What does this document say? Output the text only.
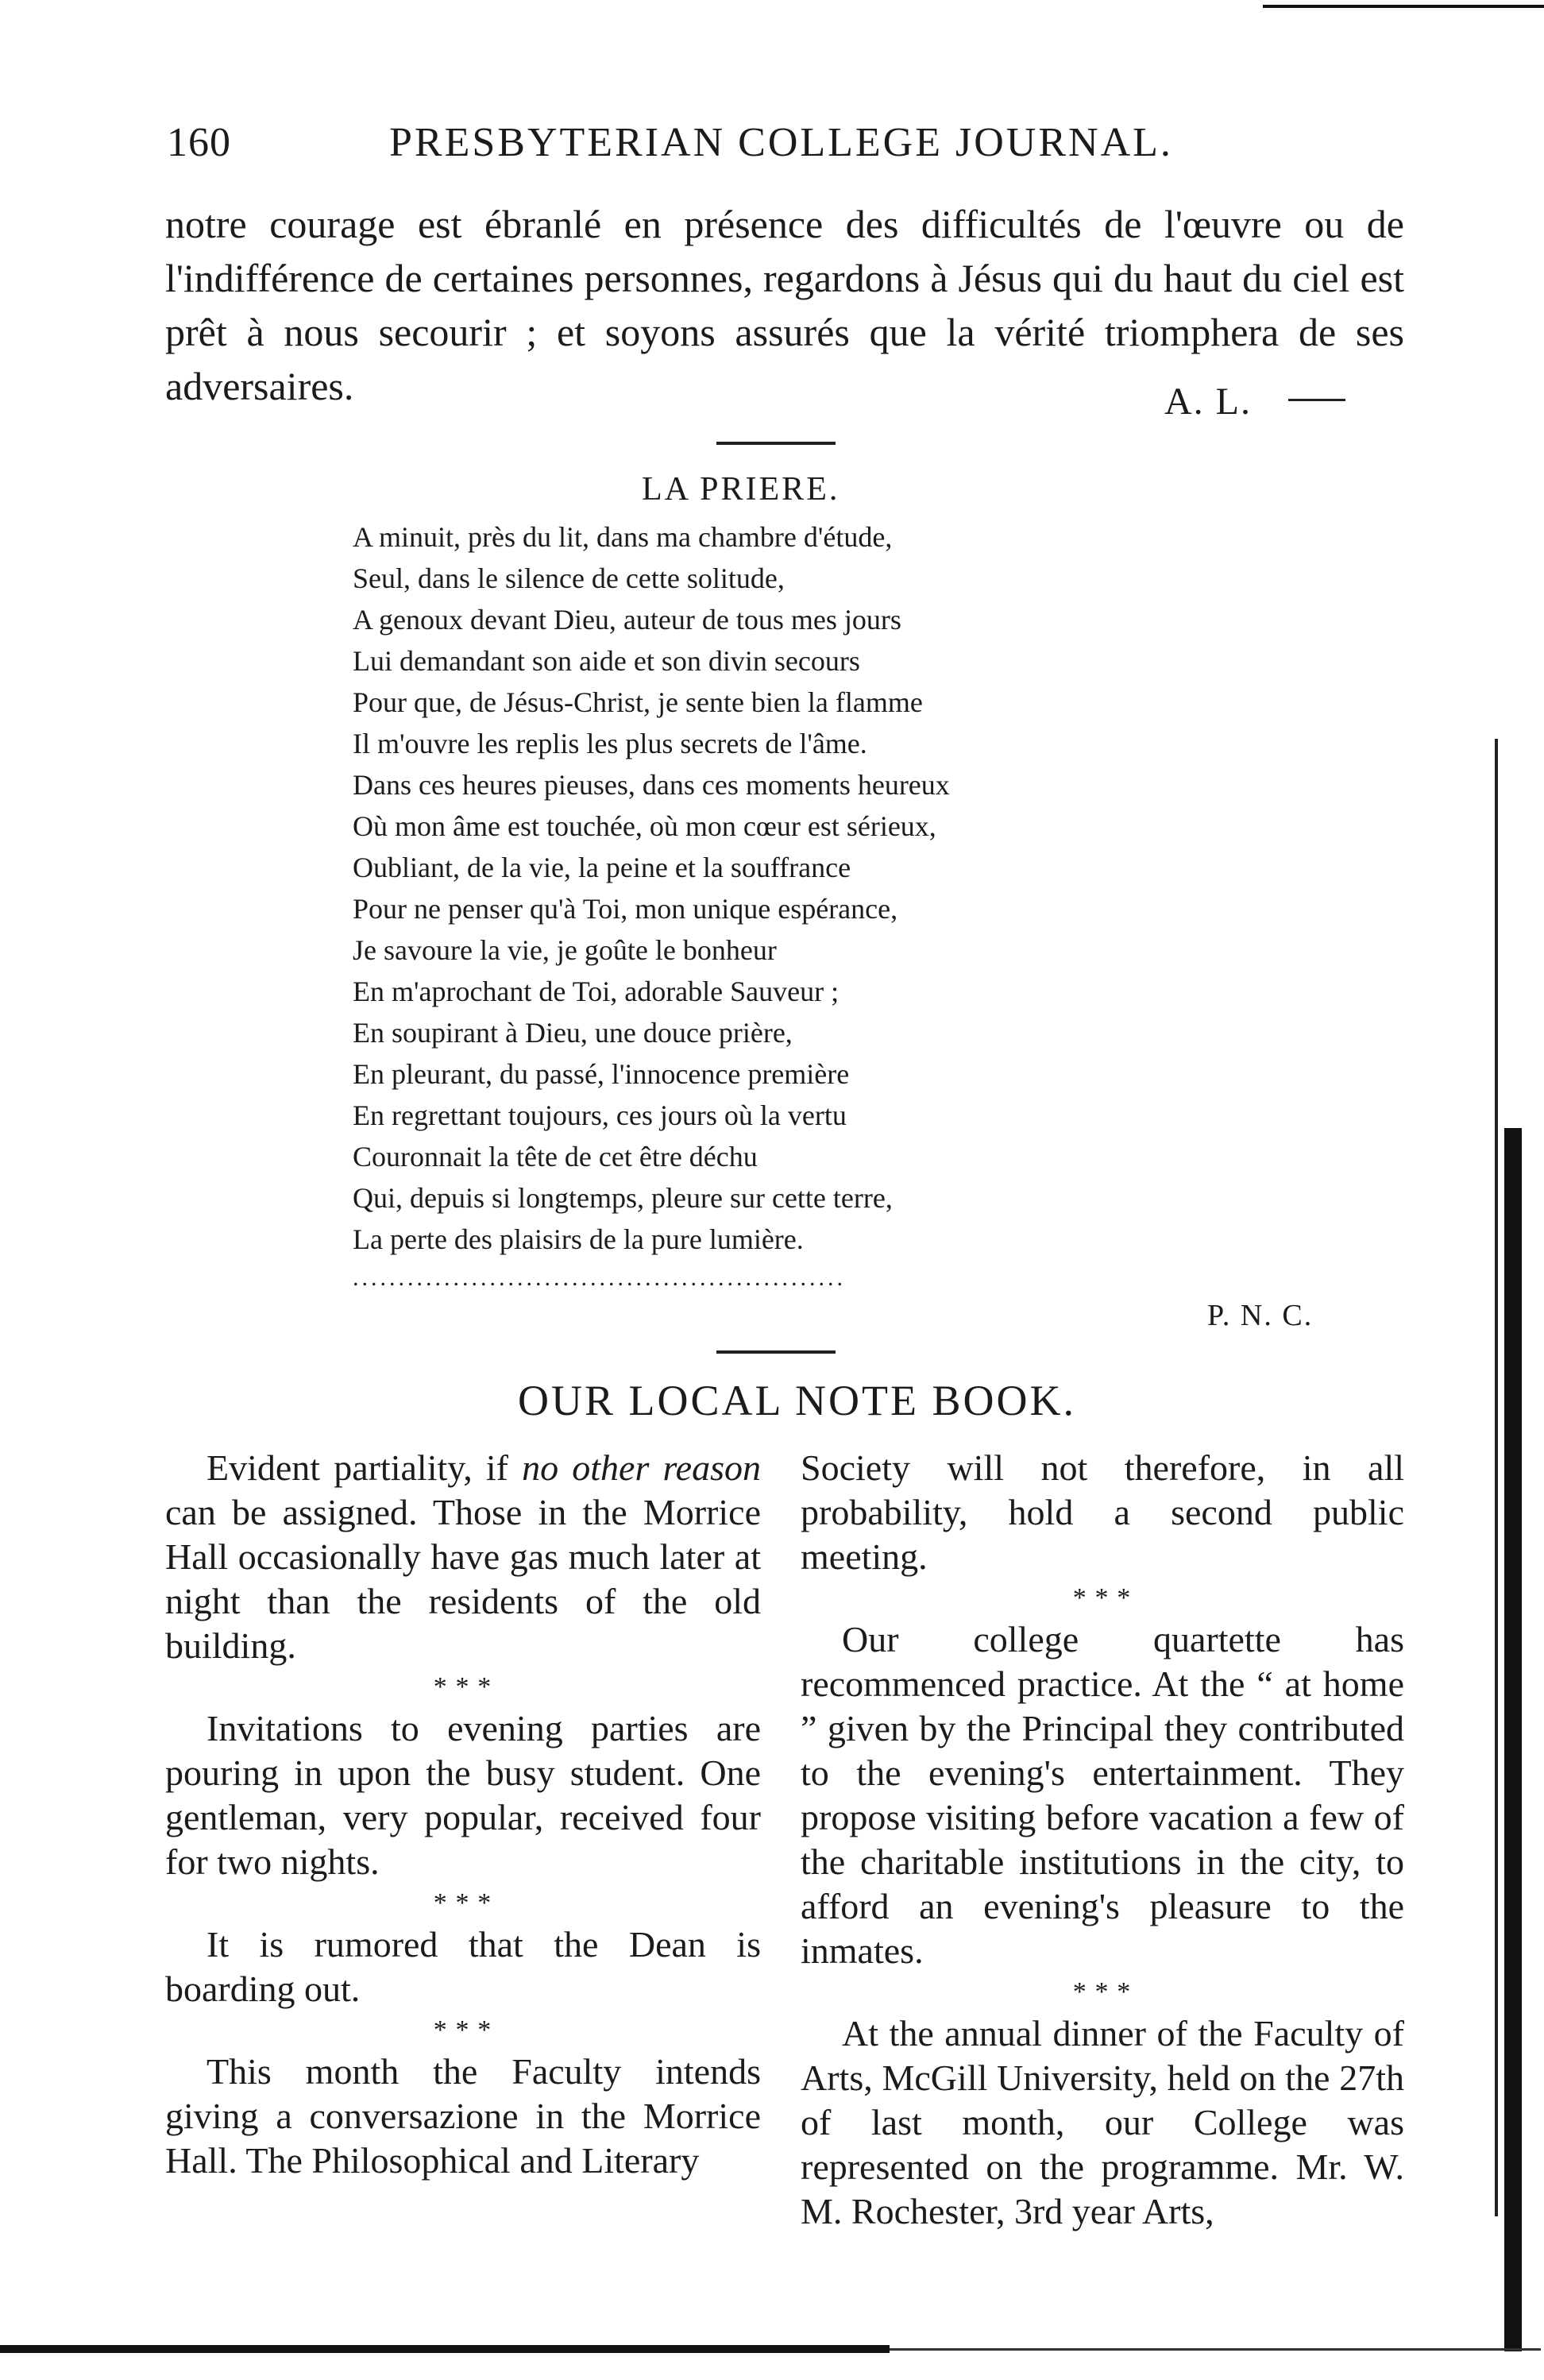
160	PRESBYTERIAN COLLEGE JOURNAL.

notre courage est ébranlé en présence des difficultés de l'œuvre ou de l'indifférence de certaines personnes, regardons à Jésus qui du haut du ciel est prêt à nous secourir ; et soyons assurés que la vérité triomphera de ses adversaires.	A. L.
LA PRIERE.
A minuit, près du lit, dans ma chambre d'étude,
Seul, dans le silence de cette solitude,
A genoux devant Dieu, auteur de tous mes jours
Lui demandant son aide et son divin secours
Pour que, de Jésus-Christ, je sente bien la flamme
Il m'ouvre les replis les plus secrets de l'âme.
Dans ces heures pieuses, dans ces moments heureux
Où mon âme est touchée, où mon cœur est sérieux,
Oubliant, de la vie, la peine et la souffrance
Pour ne penser qu'à Toi, mon unique espérance,
Je savoure la vie, je goûte le bonheur
En m'aprochant de Toi, adorable Sauveur ;
En soupirant à Dieu, une douce prière,
En pleurant, du passé, l'innocence première
En regrettant toujours, ces jours où la vertu
Couronnait la tête de cet être déchu
Qui, depuis si longtemps, pleure sur cette terre,
La perte des plaisirs de la pure lumière.
......................................................
P. N. C.
OUR LOCAL NOTE BOOK.

Evident partiality, if no other reason can be assigned. Those in the Morrice Hall occasionally have gas much later at night than the residents of the old building.

* * *

Invitations to evening parties are pouring in upon the busy student. One gentleman, very popular, received four for two nights.

* * *

It is rumored that the Dean is boarding out.

* * *

This month the Faculty intends giving a conversazione in the Morrice Hall. The Philosophical and Literary

Society will not therefore, in all probability, hold a second public meeting.

* * *

Our college quartette has recommenced practice. At the “ at home ” given by the Principal they contributed to the evening's entertainment. They propose visiting before vacation a few of the charitable institutions in the city, to afford an evening's pleasure to the inmates.

* * *

At the annual dinner of the Faculty of Arts, McGill University, held on the 27th of last month, our College was represented on the programme. Mr. W. M. Rochester, 3rd year Arts,
